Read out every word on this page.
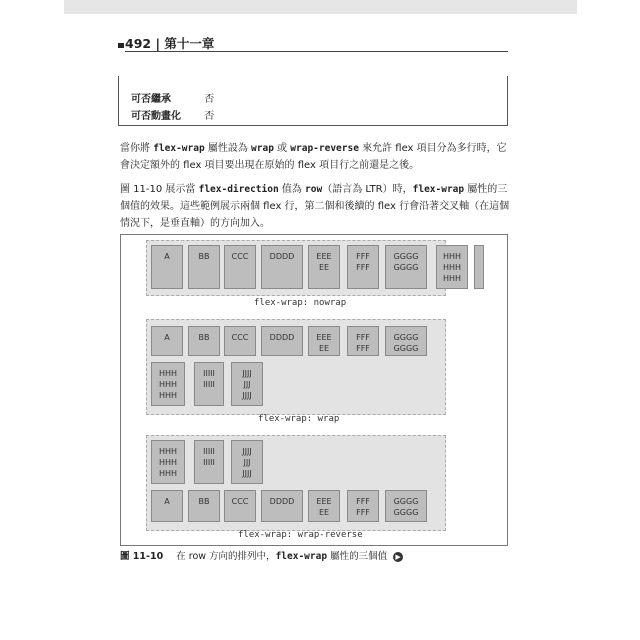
492 | 第十一章
可否繼承	否
可否動畫化 否
當你將 flex-wrap 屬性設為 wrap 或 wrap-reverse 來允許 flex 項目分為多行時，它會決定額外的 flex 項目要出現在原始的 flex 項目行之前還是之後。
圖 11-10 展示當 flex-direction 值為 row（語言為 LTR）時，flex-wrap 屬性的三個值的效果。這些範例展示兩個 flex 行，第二個和後續的 flex 行會沿著交叉軸（在這個情況下，是垂直軸）的方向加入。
flex-wrap: nowrap
flex-wrap: wrap
flex-wrap: wrap-reverse
A	BB	CCC	DDDD	EEE
EE
FFF
FFF
GGGG
GGGG
HHH
HHH
HHH
A	BB	CCC	DDDD	EEE
EE
FFF
FFF
GGGG
GGGG
HHH
HHH
HHH
IIIII
IIIII
JJJJ
JJJ
JJJJ
HHH
HHH
HHH
IIIII
IIIII
JJJJ
JJJ
JJJJ
A	BB	CCC	DDDD	EEE
EE
FFF
FFF
GGGG
GGGG
圖 11-10 在 row 方向的排列中，flex-wrap 屬性的三個值 ▶
